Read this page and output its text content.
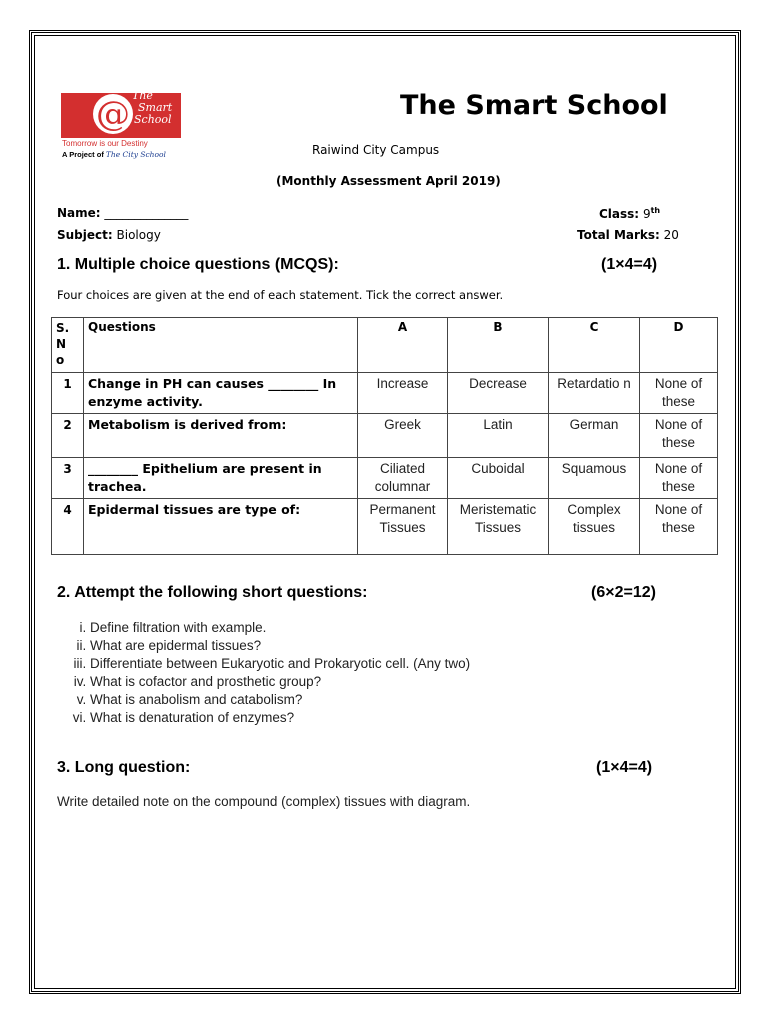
@ The
Smart
School
Tomorrow is our Destiny
A Project of The City School
The Smart School
Raiwind City Campus
(Monthly Assessment April 2019)
Name: ______________
Subject: Biology
Class: 9th
Total Marks: 20
1. Multiple choice questions (MCQS):	(1×4=4)
Four choices are given at the end of each statement. Tick the correct answer.
S. N o	Questions	A	B	C	D
1	Change in PH can causes ________ In enzyme activity.	Increase	Decrease	Retardatio n	None of these
2	Metabolism is derived from:	Greek	Latin	German	None of these
3	________ Epithelium are present in trachea.	Ciliated columnar	Cuboidal	Squamous	None of these
4	Epidermal tissues are type of:	Permanent Tissues	Meristematic Tissues	Complex tissues	None of these
2. Attempt the following short questions:	(6×2=12)
i. Define filtration with example.
ii. What are epidermal tissues?
iii. Differentiate between Eukaryotic and Prokaryotic cell. (Any two)
iv. What is cofactor and prosthetic group?
v. What is anabolism and catabolism?
vi. What is denaturation of enzymes?
3. Long question:	(1×4=4)
Write detailed note on the compound (complex) tissues with diagram.
